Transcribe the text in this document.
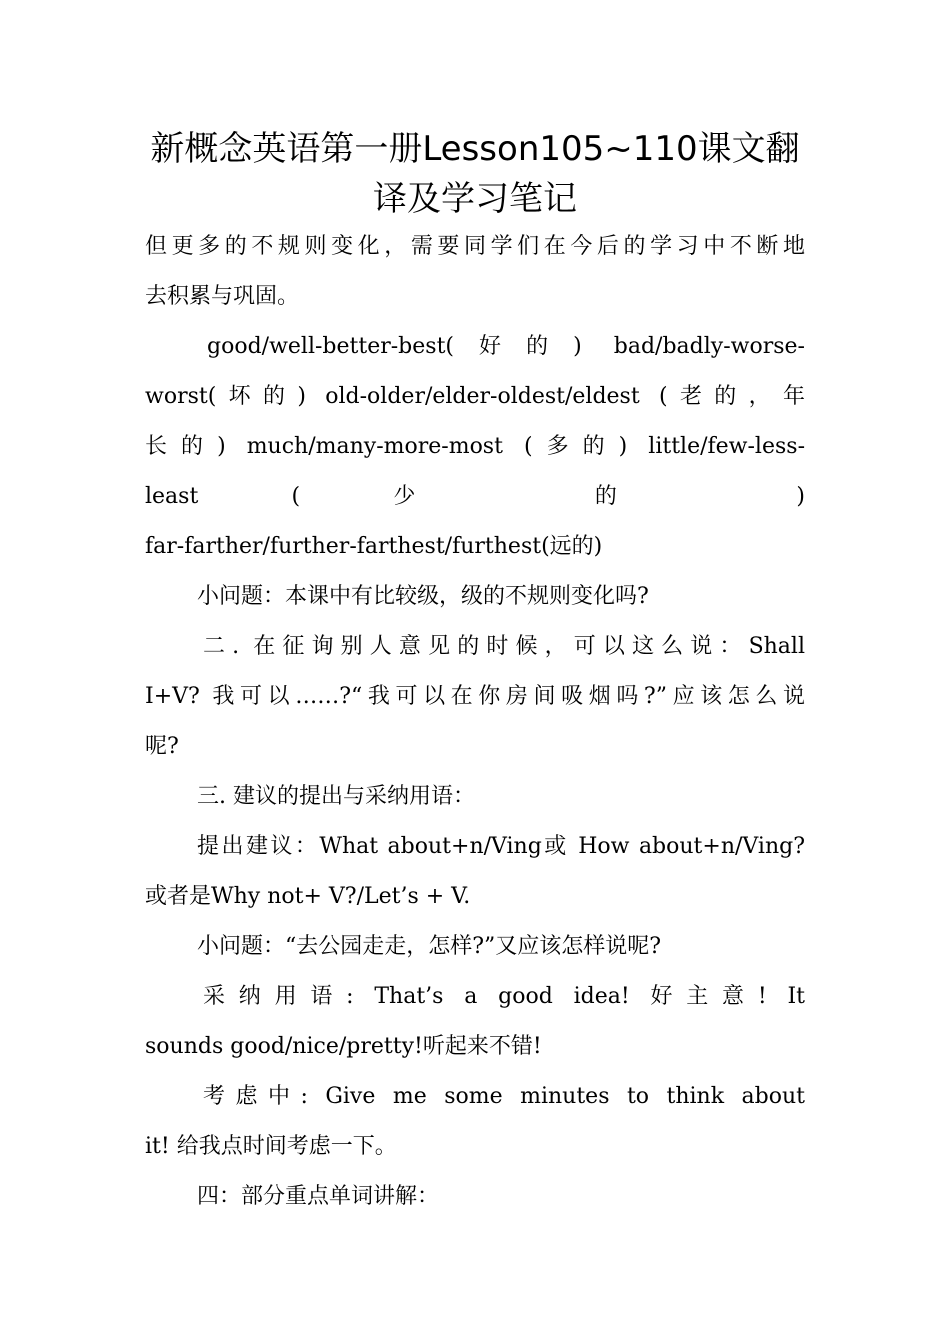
新概念英语第一册Lesson105~110课文翻
译及学习笔记

但更多的不规则变化，需要同学们在今后的学习中不断地

去积累与巩固。

good/well-better-best(好的) bad/badly-worse-

worst(坏的) old-older/elder-oldest/eldest (老的，年

长的) much/many-more-most (多的) little/few-less-

least ( 少 的 )

far-farther/further-farthest/furthest(远的)

小问题：本课中有比较级，级的不规则变化吗?

二. 在征询别人意见的时候，可以这么说：Shall

I+V? 我可以……?“我可以在你房间吸烟吗?”应该怎么说

呢?

三. 建议的提出与采纳用语：

提出建议：What about+n/Ving或 How about+n/Ving?

或者是Why not+ V?/Let’s + V.

小问题：“去公园走走，怎样?”又应该怎样说呢?

采纳用语: That’s a good idea! 好主意! It

sounds good/nice/pretty!听起来不错!

考虑中: Give me some minutes to think about

it! 给我点时间考虑一下。

四：部分重点单词讲解：
